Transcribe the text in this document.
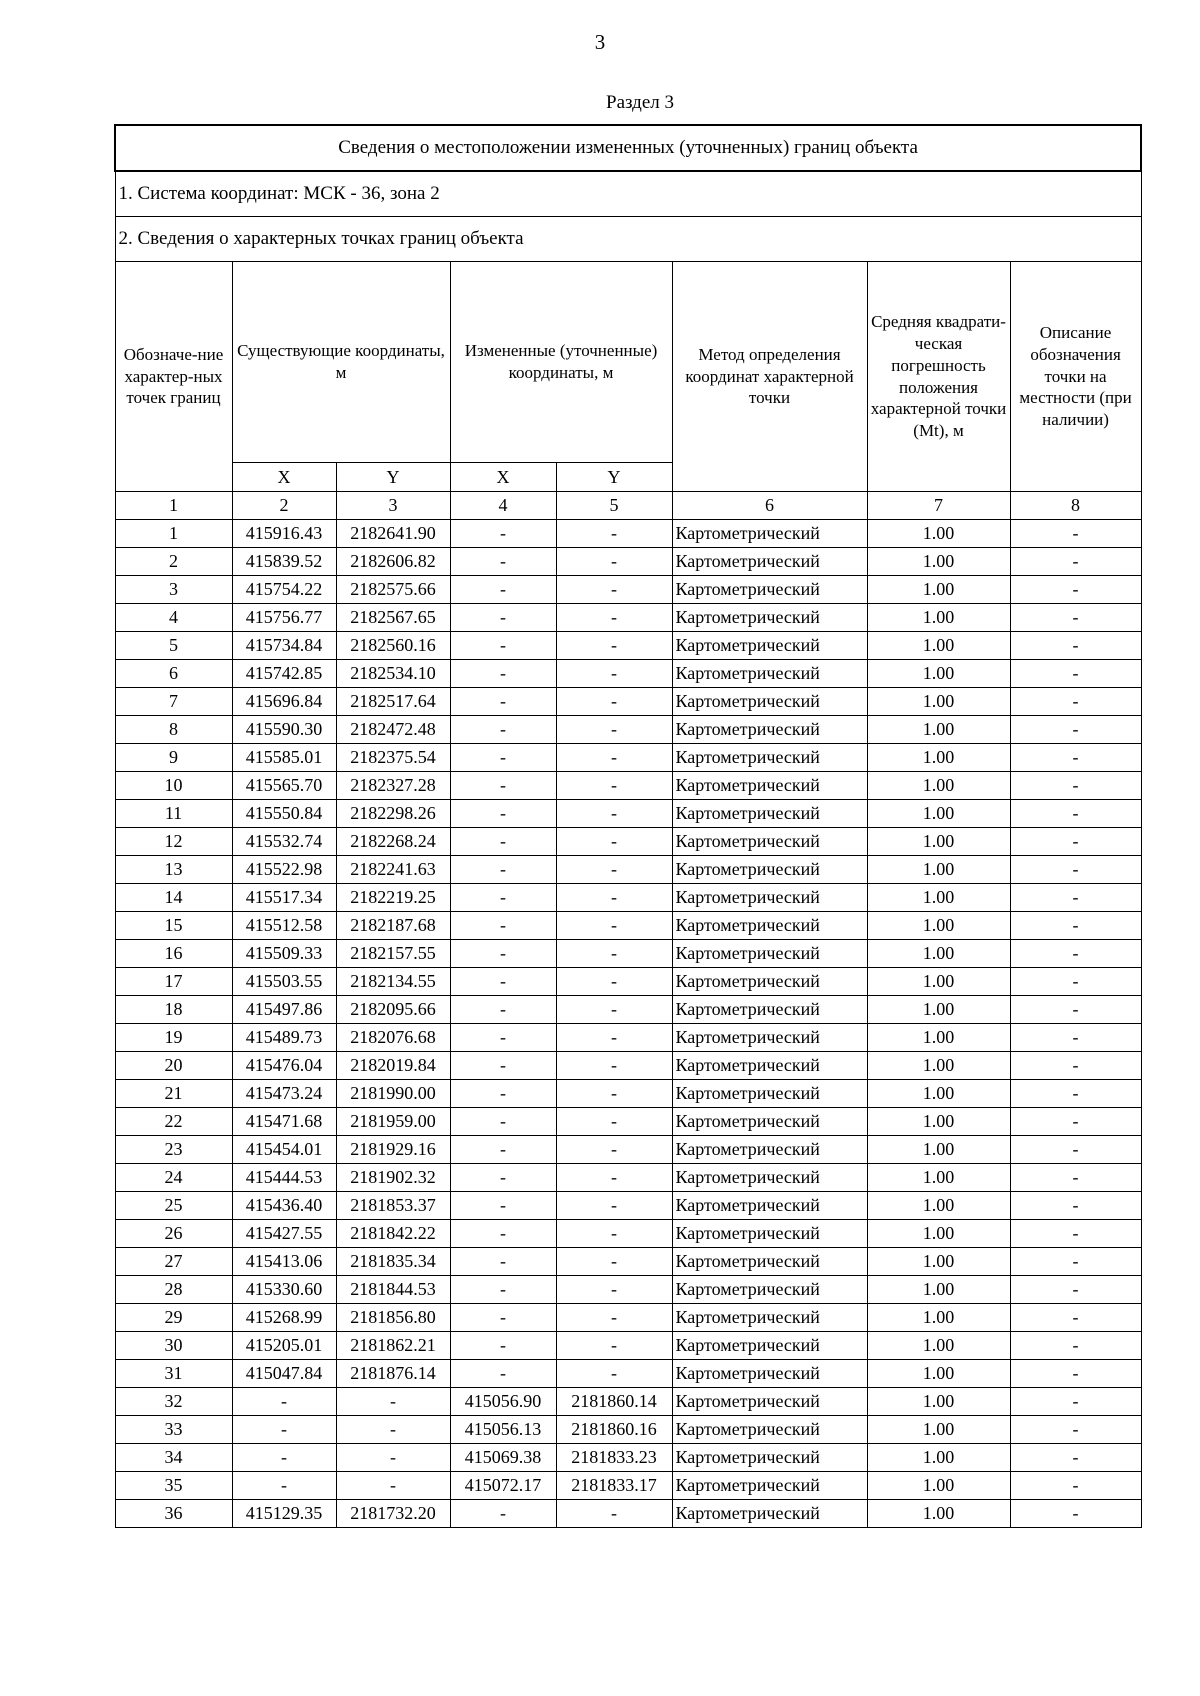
3
Раздел 3
Сведения о местоположении измененных (уточненных) границ объекта							
1. Система координат: МСК - 36, зона 2							
2. Сведения о характерных точках границ объекта							
Обозначе-ние характер-ных точек границ	Существующие координаты, м		Измененные (уточненные) координаты, м		Метод определения координат характерной точки	Средняя квадрати-ческая погрешность положения характерной точки (Mt), м	Описание обозначения точки на местности (при наличии)
	X	Y	X	Y			
1	2	3	4	5	6	7	8
1	415916.43	2182641.90	-	-	Картометрический	1.00	-
2	415839.52	2182606.82	-	-	Картометрический	1.00	-
3	415754.22	2182575.66	-	-	Картометрический	1.00	-
4	415756.77	2182567.65	-	-	Картометрический	1.00	-
5	415734.84	2182560.16	-	-	Картометрический	1.00	-
6	415742.85	2182534.10	-	-	Картометрический	1.00	-
7	415696.84	2182517.64	-	-	Картометрический	1.00	-
8	415590.30	2182472.48	-	-	Картометрический	1.00	-
9	415585.01	2182375.54	-	-	Картометрический	1.00	-
10	415565.70	2182327.28	-	-	Картометрический	1.00	-
11	415550.84	2182298.26	-	-	Картометрический	1.00	-
12	415532.74	2182268.24	-	-	Картометрический	1.00	-
13	415522.98	2182241.63	-	-	Картометрический	1.00	-
14	415517.34	2182219.25	-	-	Картометрический	1.00	-
15	415512.58	2182187.68	-	-	Картометрический	1.00	-
16	415509.33	2182157.55	-	-	Картометрический	1.00	-
17	415503.55	2182134.55	-	-	Картометрический	1.00	-
18	415497.86	2182095.66	-	-	Картометрический	1.00	-
19	415489.73	2182076.68	-	-	Картометрический	1.00	-
20	415476.04	2182019.84	-	-	Картометрический	1.00	-
21	415473.24	2181990.00	-	-	Картометрический	1.00	-
22	415471.68	2181959.00	-	-	Картометрический	1.00	-
23	415454.01	2181929.16	-	-	Картометрический	1.00	-
24	415444.53	2181902.32	-	-	Картометрический	1.00	-
25	415436.40	2181853.37	-	-	Картометрический	1.00	-
26	415427.55	2181842.22	-	-	Картометрический	1.00	-
27	415413.06	2181835.34	-	-	Картометрический	1.00	-
28	415330.60	2181844.53	-	-	Картометрический	1.00	-
29	415268.99	2181856.80	-	-	Картометрический	1.00	-
30	415205.01	2181862.21	-	-	Картометрический	1.00	-
31	415047.84	2181876.14	-	-	Картометрический	1.00	-
32	-	-	415056.90	2181860.14	Картометрический	1.00	-
33	-	-	415056.13	2181860.16	Картометрический	1.00	-
34	-	-	415069.38	2181833.23	Картометрический	1.00	-
35	-	-	415072.17	2181833.17	Картометрический	1.00	-
36	415129.35	2181732.20	-	-	Картометрический	1.00	-
